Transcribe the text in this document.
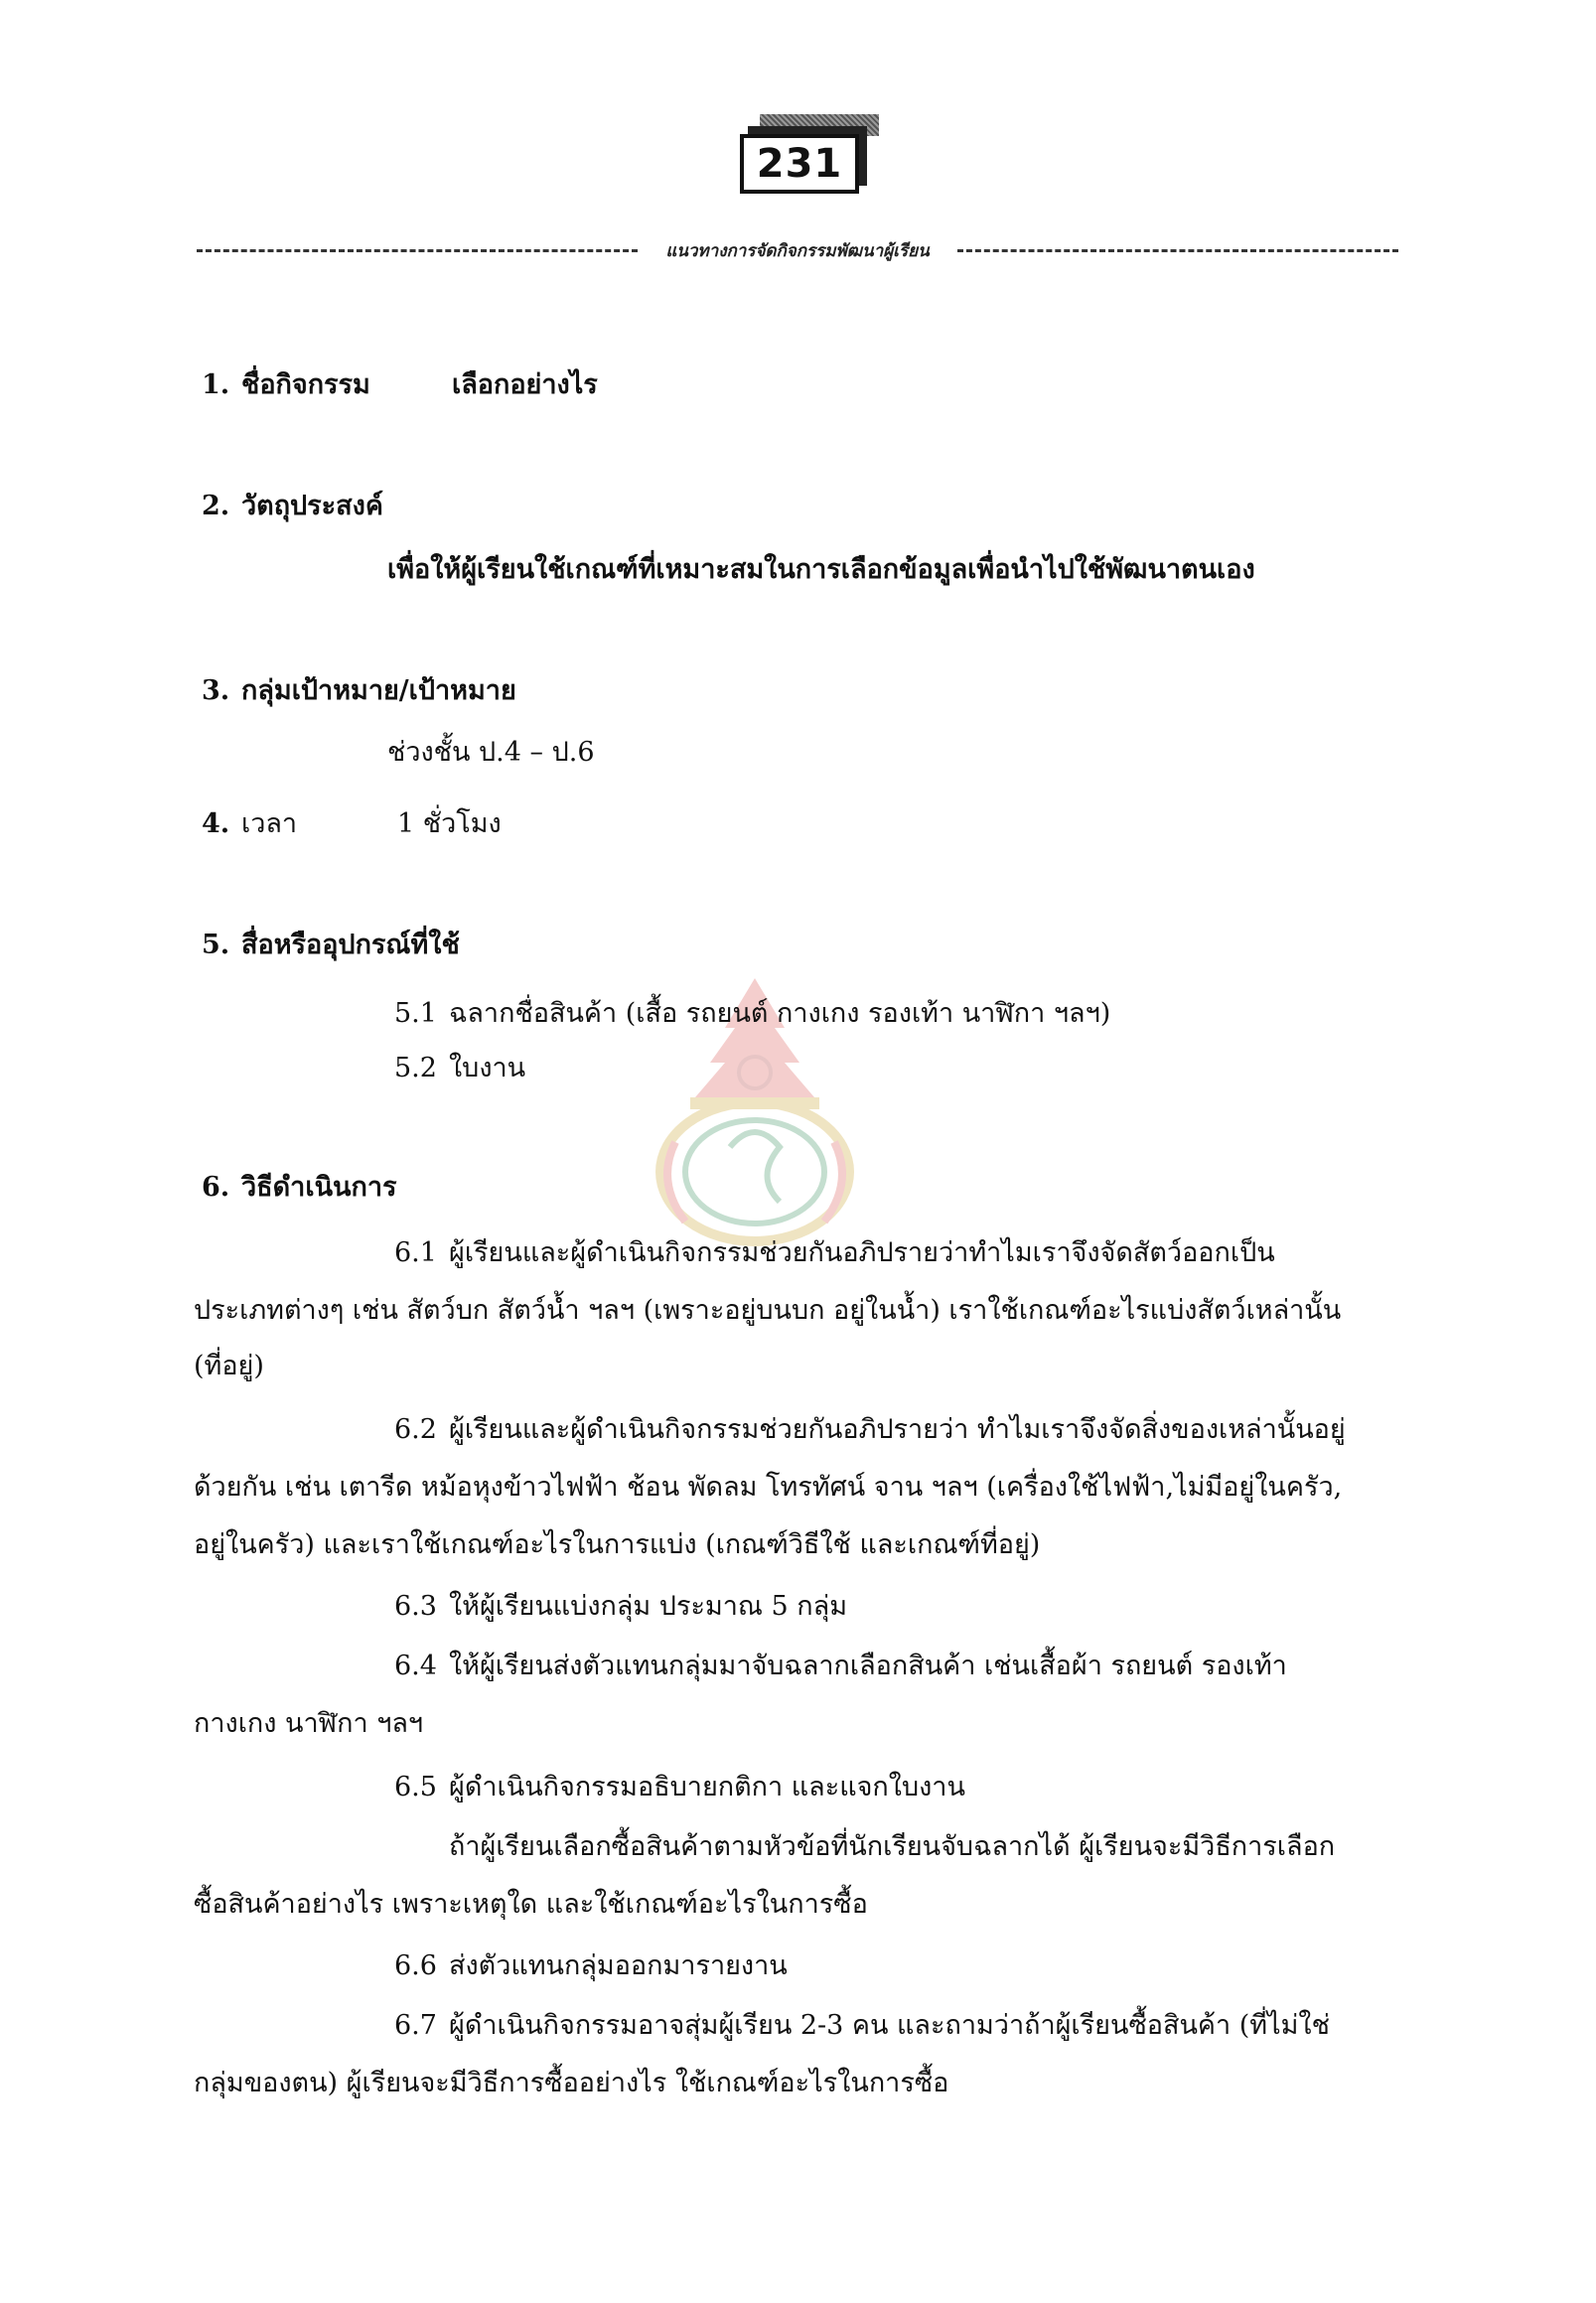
231
แนวทางการจัดกิจกรรมพัฒนาผู้เรียน
1. ชื่อกิจกรรม	เลือกอย่างไร
2. วัตถุประสงค์
เพื่อให้ผู้เรียนใช้เกณฑ์ที่เหมาะสมในการเลือกข้อมูลเพื่อนำไปใช้พัฒนาตนเอง
3. กลุ่มเป้าหมาย/เป้าหมาย
ช่วงชั้น ป.4 – ป.6
4. เวลา	1 ชั่วโมง
5. สื่อหรืออุปกรณ์ที่ใช้
5.1 ฉลากชื่อสินค้า (เสื้อ รถยนต์ กางเกง รองเท้า นาฬิกา ฯลฯ)
5.2 ใบงาน
6. วิธีดำเนินการ
6.1 ผู้เรียนและผู้ดำเนินกิจกรรมช่วยกันอภิปรายว่าทำไมเราจึงจัดสัตว์ออกเป็น
ประเภทต่างๆ เช่น สัตว์บก สัตว์น้ำ ฯลฯ (เพราะอยู่บนบก อยู่ในน้ำ) เราใช้เกณฑ์อะไรแบ่งสัตว์เหล่านั้น
(ที่อยู่)
6.2 ผู้เรียนและผู้ดำเนินกิจกรรมช่วยกันอภิปรายว่า ทำไมเราจึงจัดสิ่งของเหล่านั้นอยู่
ด้วยกัน เช่น เตารีด หม้อหุงข้าวไฟฟ้า ช้อน พัดลม โทรทัศน์ จาน ฯลฯ (เครื่องใช้ไฟฟ้า,ไม่มีอยู่ในครัว,
อยู่ในครัว) และเราใช้เกณฑ์อะไรในการแบ่ง (เกณฑ์วิธีใช้ และเกณฑ์ที่อยู่)
6.3 ให้ผู้เรียนแบ่งกลุ่ม ประมาณ 5 กลุ่ม
6.4 ให้ผู้เรียนส่งตัวแทนกลุ่มมาจับฉลากเลือกสินค้า เช่นเสื้อผ้า รถยนต์ รองเท้า
กางเกง นาฬิกา ฯลฯ
6.5 ผู้ดำเนินกิจกรรมอธิบายกติกา และแจกใบงาน
ถ้าผู้เรียนเลือกซื้อสินค้าตามหัวข้อที่นักเรียนจับฉลากได้ ผู้เรียนจะมีวิธีการเลือก
ซื้อสินค้าอย่างไร เพราะเหตุใด และใช้เกณฑ์อะไรในการซื้อ
6.6 ส่งตัวแทนกลุ่มออกมารายงาน
6.7 ผู้ดำเนินกิจกรรมอาจสุ่มผู้เรียน 2-3 คน และถามว่าถ้าผู้เรียนซื้อสินค้า (ที่ไม่ใช่
กลุ่มของตน) ผู้เรียนจะมีวิธีการซื้ออย่างไร ใช้เกณฑ์อะไรในการซื้อ
